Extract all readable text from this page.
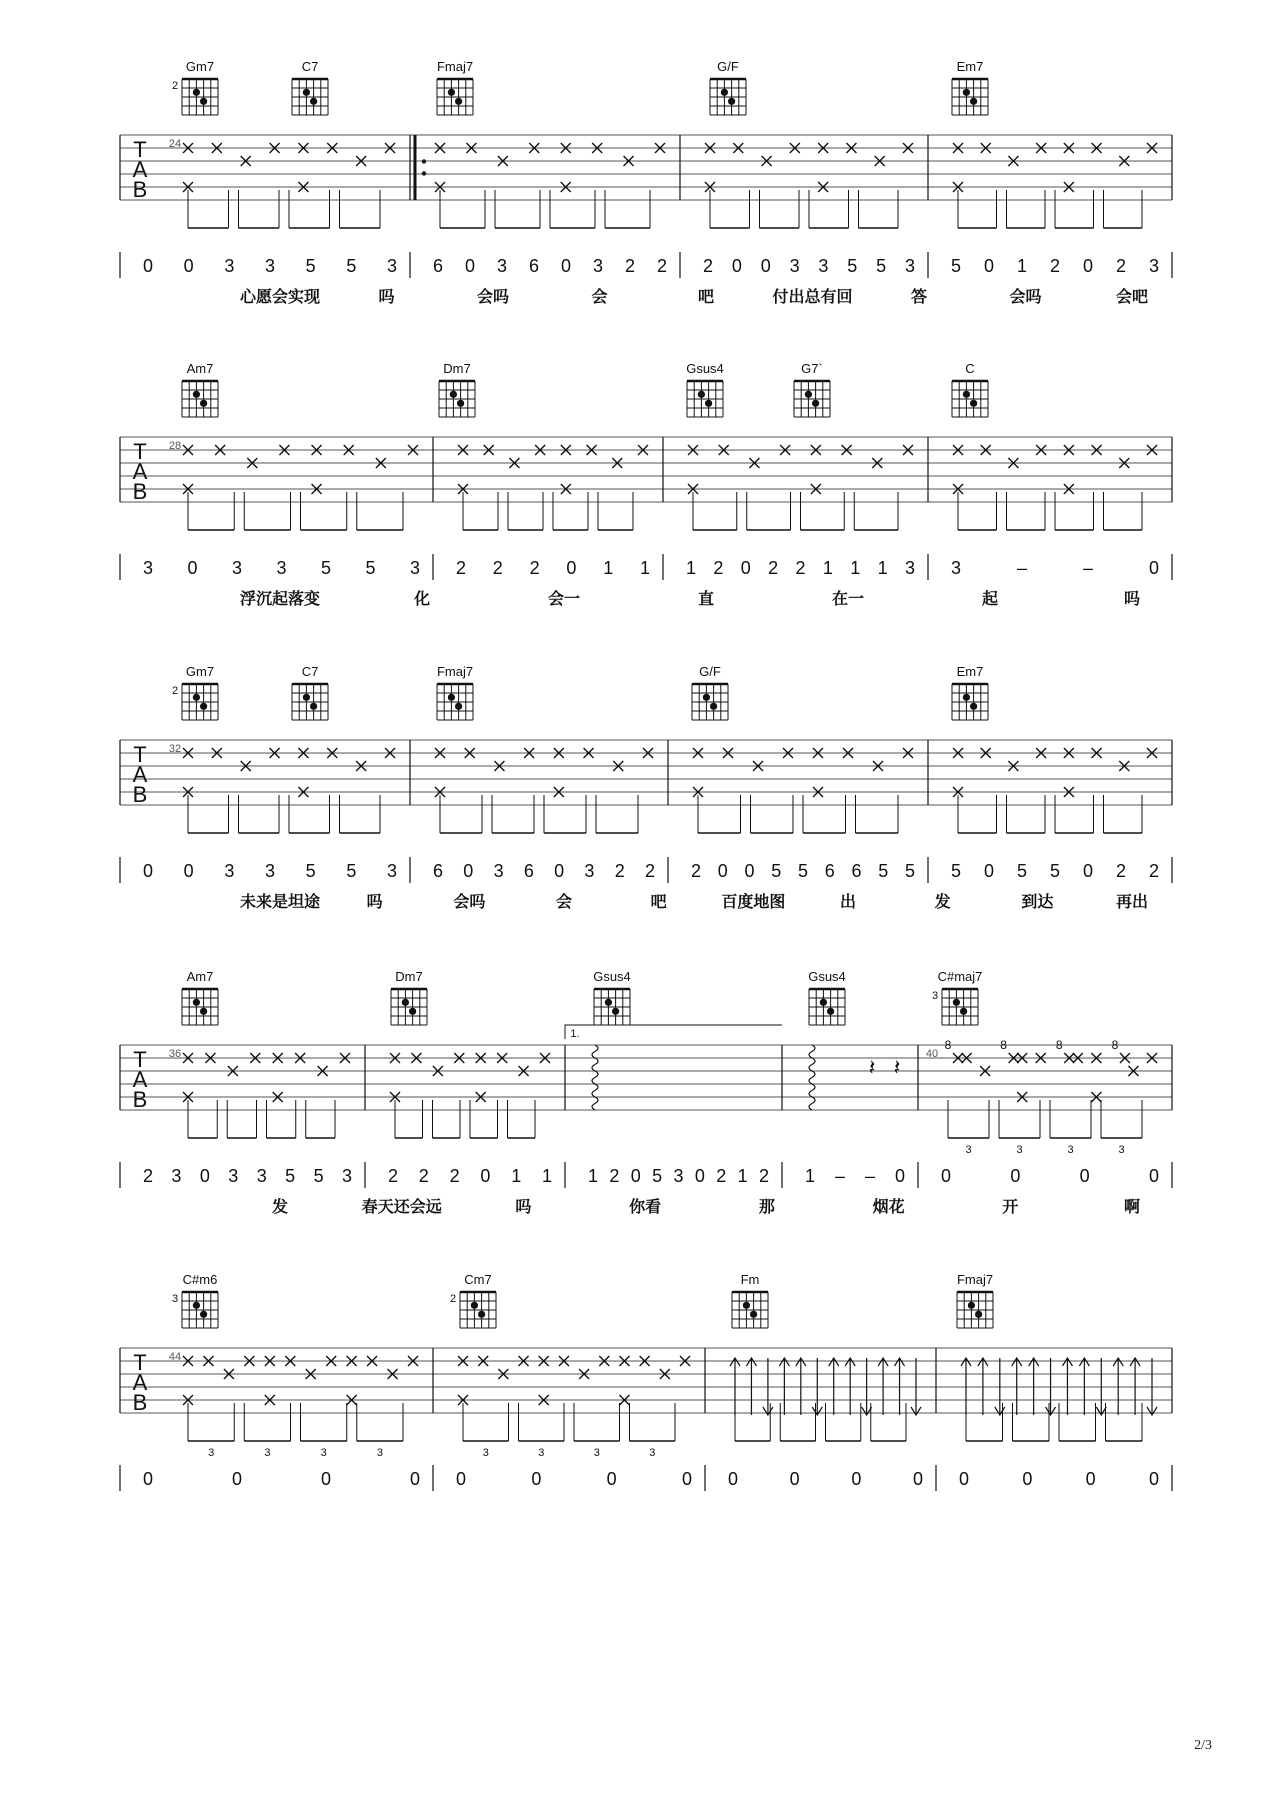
Gm7
2
C7	Fmaj7	G/F	Em7
T
A
B
24
0 0 3 3 5 5 3 6 0 3 6 0 3 2 2 2 0 0 3 3 5 5 3 5 0 1 2 0 2 3
心愿会实现	吗	会吗	会	吧	付出总有回	答	会吗	会吧
Am7	Dm7	Gsus4	G7`	C
T
A
B
28
3 0 3 3 5 5 3 2 2 2 0 1 1 1 2 0 2 2 1 1 1 3 3	–	–	0
浮沉起落变	化	会一	直	在一	起	吗
Gm7
2
C7	Fmaj7	G/F	Em7
T
A
B
32
0 0 3 3 5 5 3 6 0 3 6 0 3 2 2 2 0 0 5 5 6 6 5 5 5 0 5 5 0 2 2
未来是坦途	吗	会吗	会	吧	百度地图	出	发	到达	再出
Am7	Dm7	Gsus4	Gsus4	C#maj7
3
T
A
B
36	40
1.
𝄽 𝄽
8	8	8	8
3	3	3	3
2 3 0 3 3 5 5 3 2 2 2 0 1 1 1 2 0 5 3 0 2 1 2 1 – – 0 0	0	0	0
发	春天还会远	吗	你看	那	烟花	开	啊
C#m6
3
Cm7
2
Fm	Fmaj7
T
A
B
44
3	3	3	3	3	3	3	3
0	0	0	0 0	0	0	0 0	0	0	0 0	0	0	0
2/3
